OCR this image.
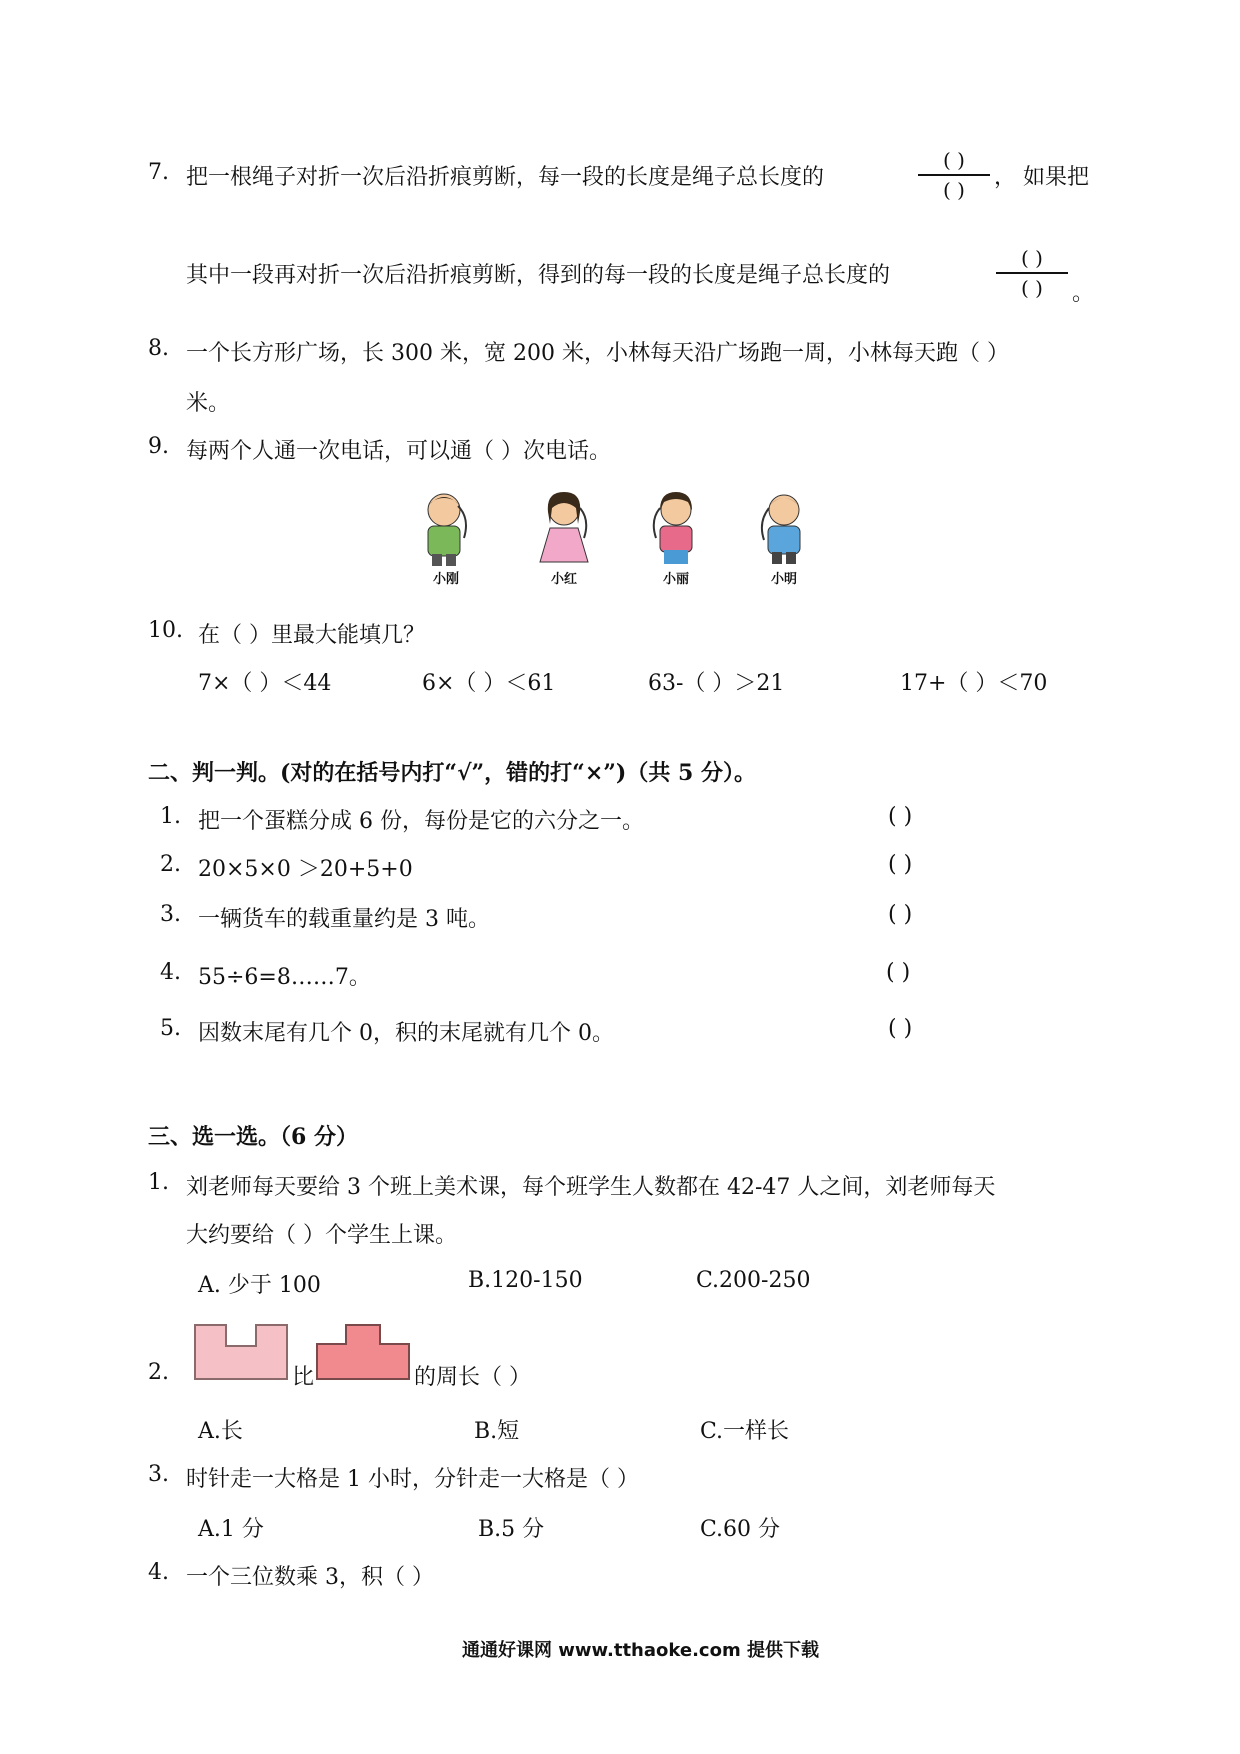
7. 把一根绳子对折一次后沿折痕剪断，每一段的长度是绳子总长度的
( )
( )	， 如果把
其中一段再对折一次后沿折痕剪断，得到的每一段的长度是绳子总长度的
( )
( )	。
8. 一个长方形广场，长 300 米，宽 200 米，小林每天沿广场跑一周，小林每天跑（ ）
米。
9. 每两个人通一次电话，可以通（ ）次电话。
小刚	小红	小丽	小明
10. 在（ ）里最大能填几？
7×（ ）＜44	6×（ ）＜61	63-（ ）＞21	17+（ ）＜70
二、判一判。(对的在括号内打“√”，错的打“×”)（共 5 分）。
1. 把一个蛋糕分成 6 份，每份是它的六分之一。	( )
2. 20×5×0 ＞20+5+0	( )
3. 一辆货车的载重量约是 3 吨。	( )
4. 55÷6=8……7。	( )
5. 因数末尾有几个 0，积的末尾就有几个 0。	( )
三、选一选。（6 分）
1. 刘老师每天要给 3 个班上美术课，每个班学生人数都在 42-47 人之间，刘老师每天
大约要给（ ）个学生上课。
A. 少于 100	B.120-150	C.200-250
2.	比	的周长（ ）
A.长	B.短	C.一样长
3. 时针走一大格是 1 小时，分针走一大格是（ ）
A.1 分	B.5 分	C.60 分
4. 一个三位数乘 3，积（ ）
通通好课网 www.tthaoke.com 提供下载
